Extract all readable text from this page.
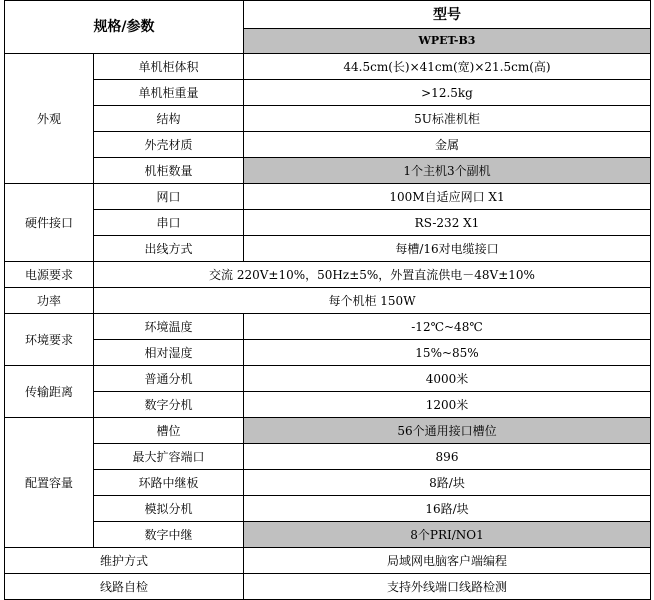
规格/参数		型号
		WPET-B3
外观	单机柜体积	44.5cm(长)×41cm(宽)×21.5cm(高)
	单机柜重量	>12.5kg
	结构	5U标准机柜
	外壳材质	金属
	机柜数量	1个主机3个副机
硬件接口	网口	100M自适应网口 X1
	串口	RS-232 X1
	出线方式	每槽/16对电缆接口
电源要求	交流 220V±10%，50Hz±5%，外置直流供电－48V±10%	
功率	每个机柜 150W	
环境要求	环境温度	-12℃~48℃
	相对湿度	15%~85%
传输距离	普通分机	4000米
	数字分机	1200米
配置容量	槽位	56个通用接口槽位
	最大扩容端口	896
	环路中继板	8路/块
	模拟分机	16路/块
	数字中继	8个PRI/NO1
维护方式		局域网电脑客户端编程
线路自检		支持外线端口线路检测
